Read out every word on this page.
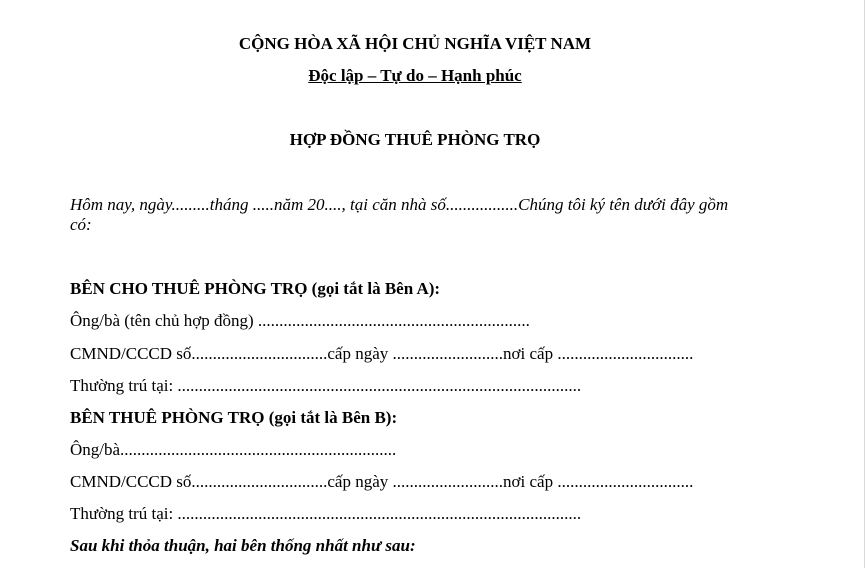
CỘNG HÒA XÃ HỘI CHỦ NGHĨA VIỆT NAM
Độc lập – Tự do – Hạnh phúc
HỢP ĐỒNG THUÊ PHÒNG TRỌ
Hôm nay, ngày.........tháng .....năm 20...., tại căn nhà số.................Chúng tôi ký tên dưới đây gồm có:
BÊN CHO THUÊ PHÒNG TRỌ (gọi tắt là Bên A):
Ông/bà (tên chủ hợp đồng) ................................................................
CMND/CCCD số................................cấp ngày ..........................nơi cấp ................................
Thường trú tại: ...............................................................................................
BÊN THUÊ PHÒNG TRỌ (gọi tắt là Bên B):
Ông/bà.................................................................
CMND/CCCD số................................cấp ngày ..........................nơi cấp ................................
Thường trú tại: ...............................................................................................
Sau khi thỏa thuận, hai bên thống nhất như sau:
